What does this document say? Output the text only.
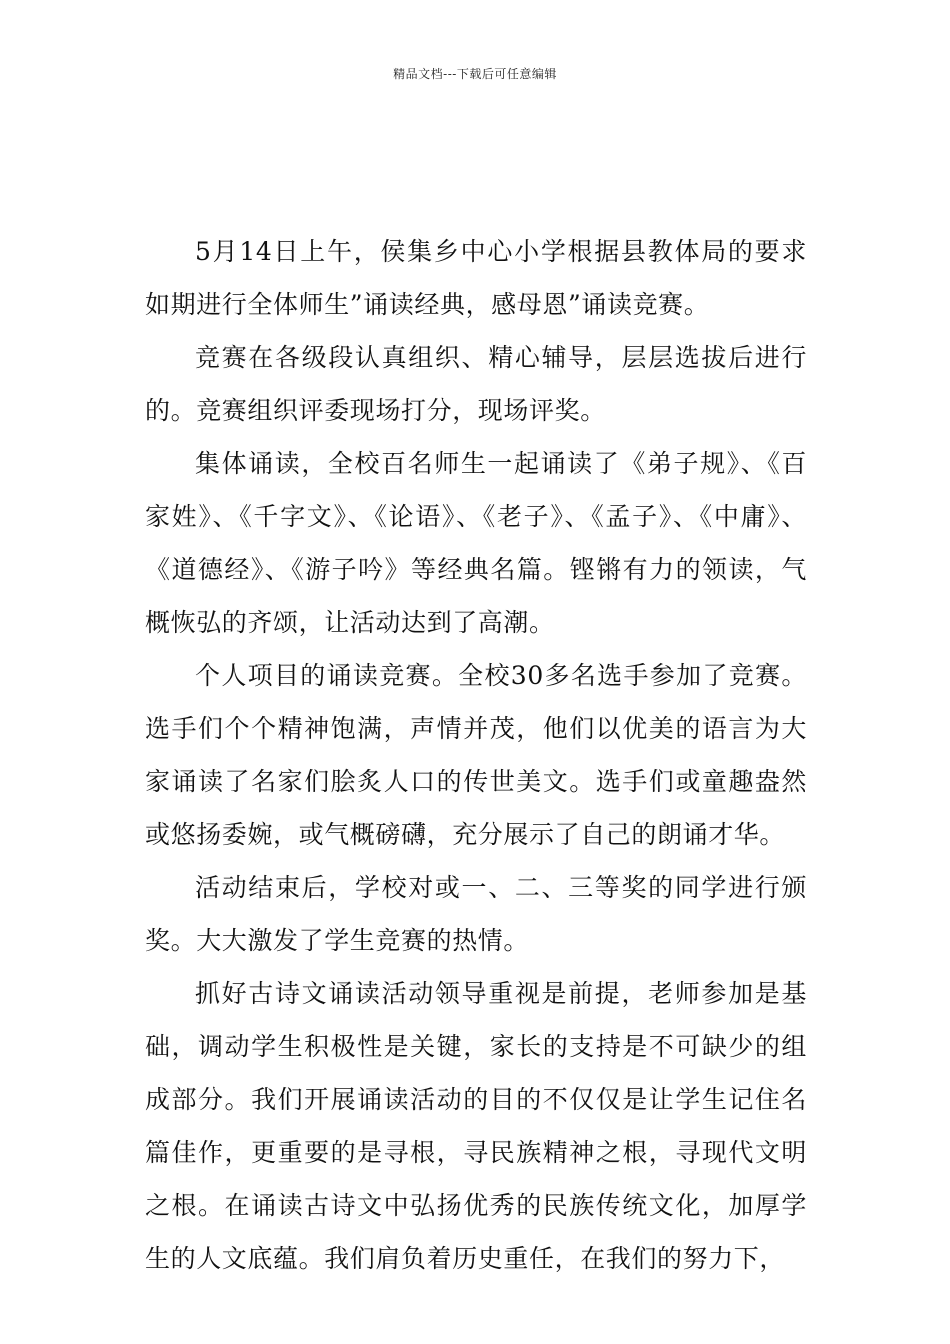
精品文档---下载后可任意编辑

5月14日上午，侯集乡中心小学根据县教体局的要求如期进行全体师生”诵读经典，感母恩”诵读竞赛。

竞赛在各级段认真组织、精心辅导，层层选拔后进行的。竞赛组织评委现场打分，现场评奖。

集体诵读，全校百名师生一起诵读了《弟子规》、《百家姓》、《千字文》、《论语》、《老子》、《孟子》、《中庸》、《道德经》、《游子吟》等经典名篇。铿锵有力的领读，气概恢弘的齐颂，让活动达到了高潮。

个人项目的诵读竞赛。全校30多名选手参加了竞赛。选手们个个精神饱满，声情并茂，他们以优美的语言为大家诵读了名家们脍炙人口的传世美文。选手们或童趣盎然或悠扬委婉，或气概磅礴，充分展示了自己的朗诵才华。

活动结束后，学校对或一、二、三等奖的同学进行颁奖。大大激发了学生竞赛的热情。

抓好古诗文诵读活动领导重视是前提，老师参加是基础，调动学生积极性是关键，家长的支持是不可缺少的组成部分。我们开展诵读活动的目的不仅仅是让学生记住名篇佳作，更重要的是寻根，寻民族精神之根，寻现代文明之根。在诵读古诗文中弘扬优秀的民族传统文化，加厚学生的人文底蕴。我们肩负着历史重任，在我们的努力下，
